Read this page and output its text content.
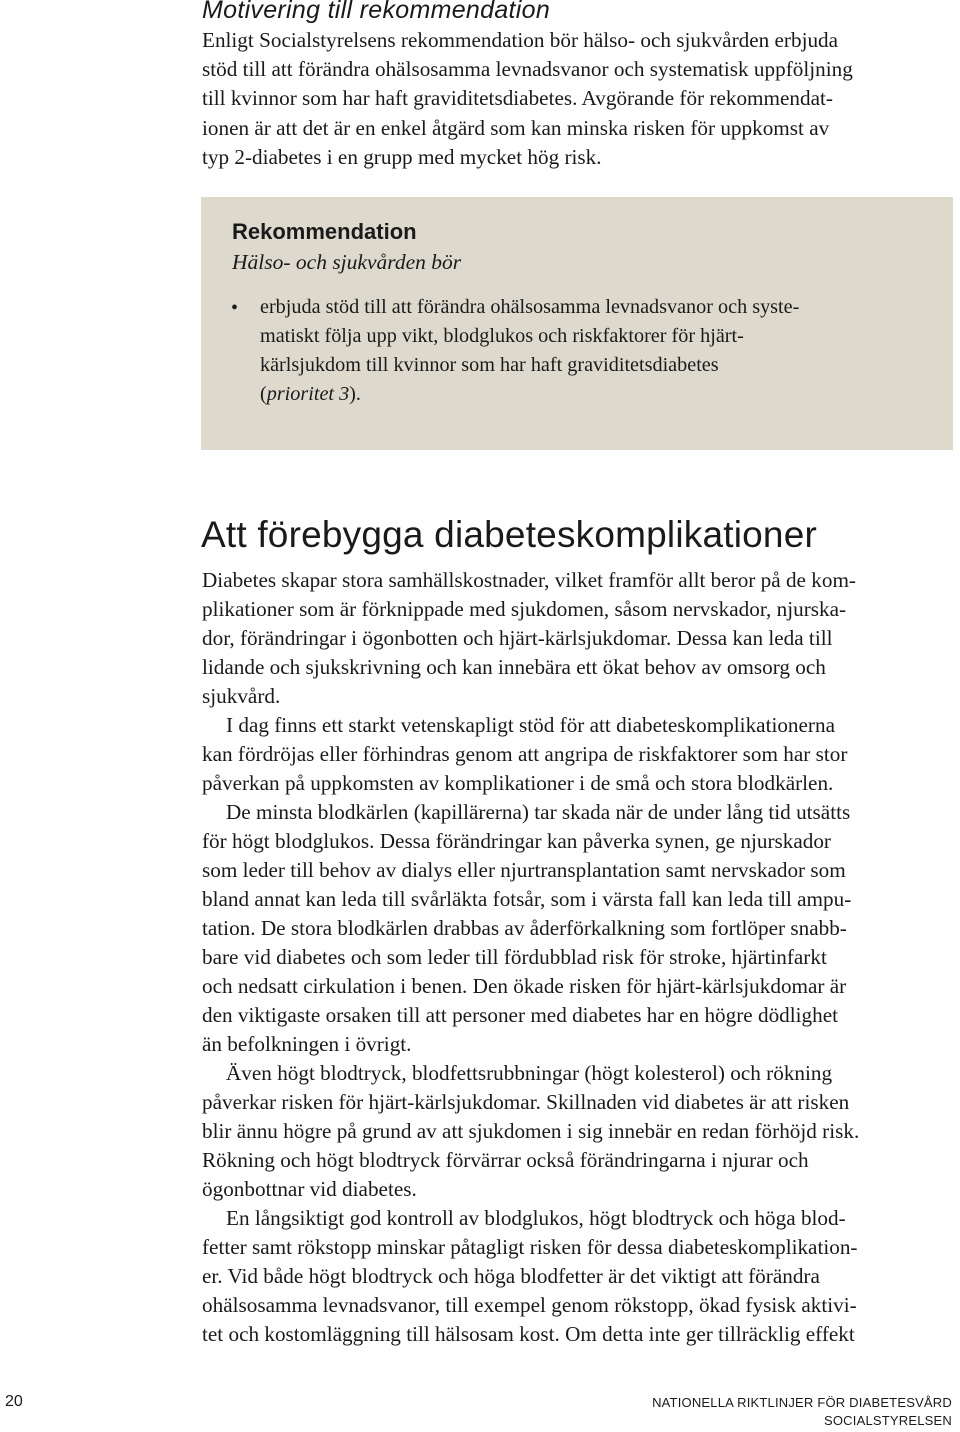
Motivering till rekommendation
Enligt Socialstyrelsens rekommendation bör hälso- och sjukvården erbjuda
stöd till att förändra ohälsosamma levnadsvanor och systematisk uppföljning
till kvinnor som har haft graviditetsdiabetes. Avgörande för rekommendat-
ionen är att det är en enkel åtgärd som kan minska risken för uppkomst av
typ 2-diabetes i en grupp med mycket hög risk.
Rekommendation
Hälso- och sjukvården bör
• erbjuda stöd till att förändra ohälsosamma levnadsvanor och syste-
matiskt följa upp vikt, blodglukos och riskfaktorer för hjärt-
kärlsjukdom till kvinnor som har haft graviditetsdiabetes
(prioritet 3).
Att förebygga diabeteskomplikationer
Diabetes skapar stora samhällskostnader, vilket framför allt beror på de kom-
plikationer som är förknippade med sjukdomen, såsom nervskador, njurska-
dor, förändringar i ögonbotten och hjärt-kärlsjukdomar. Dessa kan leda till
lidande och sjukskrivning och kan innebära ett ökat behov av omsorg och
sjukvård.
I dag finns ett starkt vetenskapligt stöd för att diabeteskomplikationerna
kan fördröjas eller förhindras genom att angripa de riskfaktorer som har stor
påverkan på uppkomsten av komplikationer i de små och stora blodkärlen.
De minsta blodkärlen (kapillärerna) tar skada när de under lång tid utsätts
för högt blodglukos. Dessa förändringar kan påverka synen, ge njurskador
som leder till behov av dialys eller njurtransplantation samt nervskador som
bland annat kan leda till svårläkta fotsår, som i värsta fall kan leda till ampu-
tation. De stora blodkärlen drabbas av åderförkalkning som fortlöper snabb-
bare vid diabetes och som leder till fördubblad risk för stroke, hjärtinfarkt
och nedsatt cirkulation i benen. Den ökade risken för hjärt-kärlsjukdomar är
den viktigaste orsaken till att personer med diabetes har en högre dödlighet
än befolkningen i övrigt.
Även högt blodtryck, blodfettsrubbningar (högt kolesterol) och rökning
påverkar risken för hjärt-kärlsjukdomar. Skillnaden vid diabetes är att risken
blir ännu högre på grund av att sjukdomen i sig innebär en redan förhöjd risk.
Rökning och högt blodtryck förvärrar också förändringarna i njurar och
ögonbottnar vid diabetes.
En långsiktigt god kontroll av blodglukos, högt blodtryck och höga blod-
fetter samt rökstopp minskar påtagligt risken för dessa diabeteskomplikation-
er. Vid både högt blodtryck och höga blodfetter är det viktigt att förändra
ohälsosamma levnadsvanor, till exempel genom rökstopp, ökad fysisk aktivi-
tet och kostomläggning till hälsosam kost. Om detta inte ger tillräcklig effekt
20	NATIONELLA RIKTLINJER FÖR DIABETESVÅRD
SOCIALSTYRELSEN
